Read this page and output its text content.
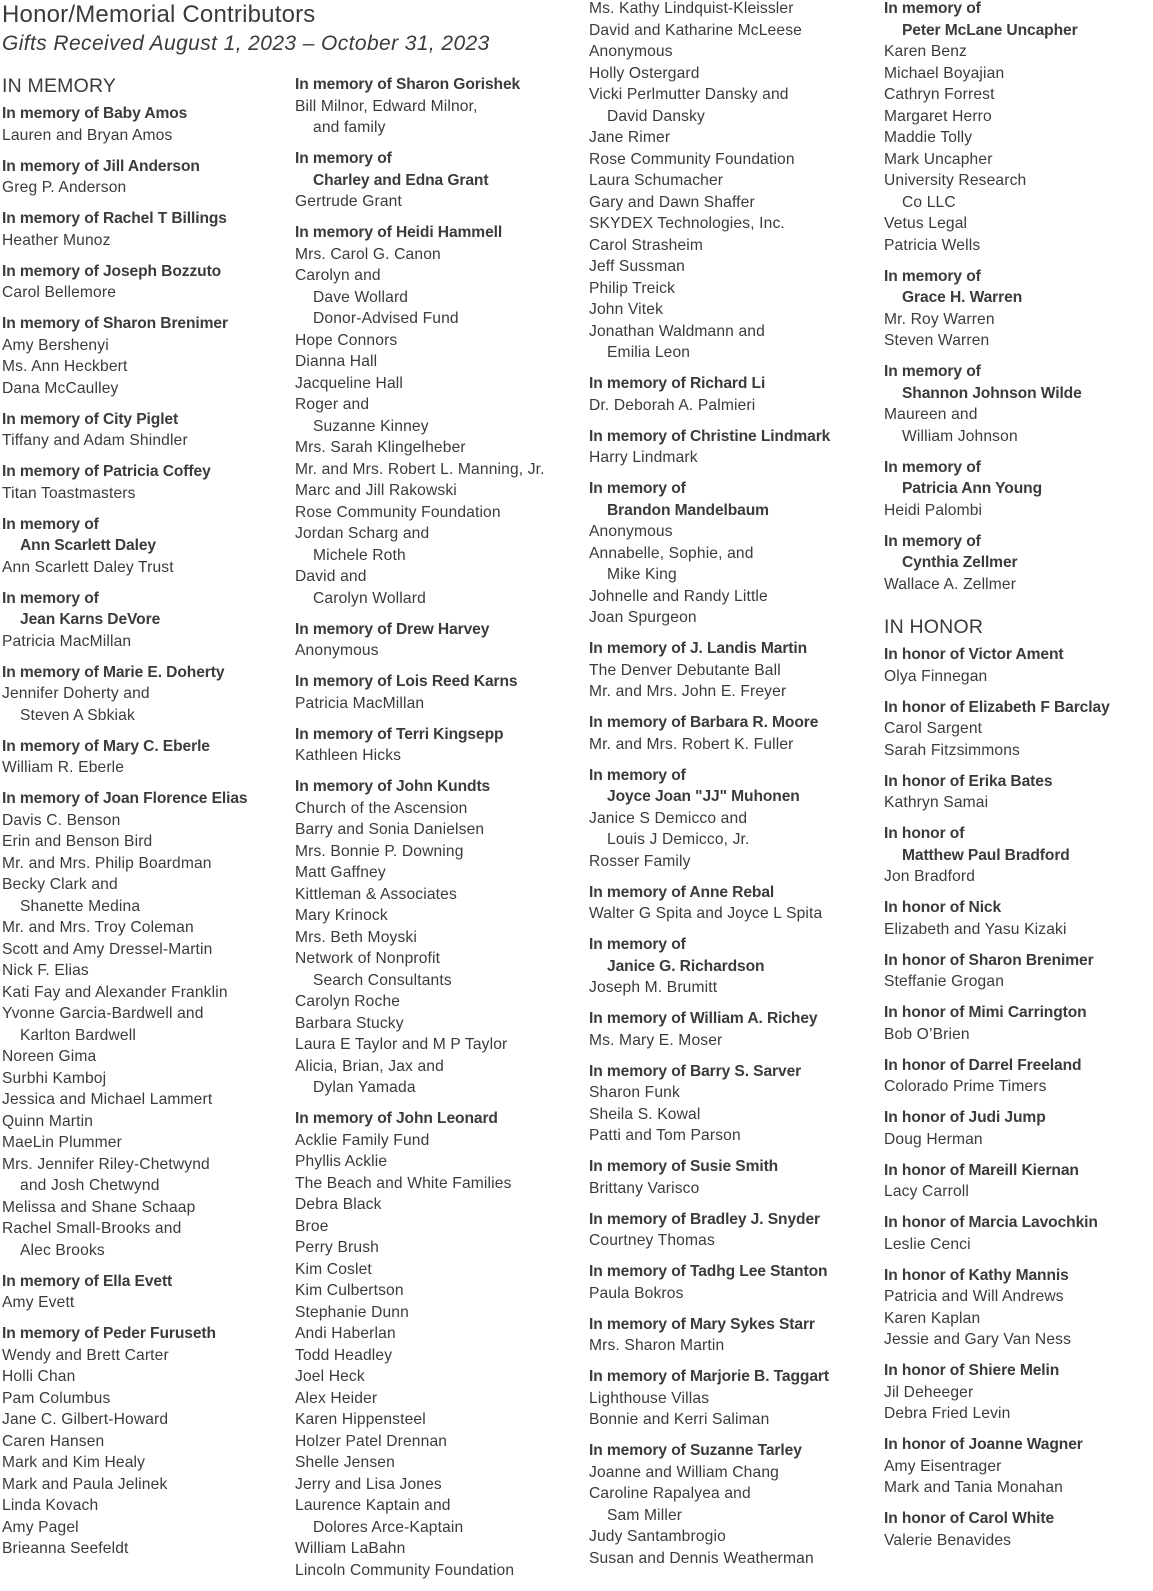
Honor/Memorial Contributors
Gifts Received August 1, 2023 – October 31, 2023
IN MEMORY
In memory of Baby Amos
Lauren and Bryan Amos
In memory of Jill Anderson
Greg P. Anderson
In memory of Rachel T Billings
Heather Munoz
In memory of Joseph Bozzuto
Carol Bellemore
In memory of Sharon Brenimer
Amy Bershenyi
Ms. Ann Heckbert
Dana McCaulley
In memory of City Piglet
Tiffany and Adam Shindler
In memory of Patricia Coffey
Titan Toastmasters
In memory of
Ann Scarlett Daley
Ann Scarlett Daley Trust
In memory of
Jean Karns DeVore
Patricia MacMillan
In memory of Marie E. Doherty
Jennifer Doherty and
Steven A Sbkiak
In memory of Mary C. Eberle
William R. Eberle
In memory of Joan Florence Elias
Davis C. Benson
Erin and Benson Bird
Mr. and Mrs. Philip Boardman
Becky Clark and
Shanette Medina
Mr. and Mrs. Troy Coleman
Scott and Amy Dressel-Martin
Nick F. Elias
Kati Fay and Alexander Franklin
Yvonne Garcia-Bardwell and
Karlton Bardwell
Noreen Gima
Surbhi Kamboj
Jessica and Michael Lammert
Quinn Martin
MaeLin Plummer
Mrs. Jennifer Riley-Chetwynd
and Josh Chetwynd
Melissa and Shane Schaap
Rachel Small-Brooks and
Alec Brooks
In memory of Ella Evett
Amy Evett
In memory of Peder Furuseth
Wendy and Brett Carter
Holli Chan
Pam Columbus
Jane C. Gilbert-Howard
Caren Hansen
Mark and Kim Healy
Mark and Paula Jelinek
Linda Kovach
Amy Pagel
Brieanna Seefeldt
In memory of Sharon Gorishek
Bill Milnor, Edward Milnor,
and family
In memory of
Charley and Edna Grant
Gertrude Grant
In memory of Heidi Hammell
Mrs. Carol G. Canon
Carolyn and
Dave Wollard
Donor-Advised Fund
Hope Connors
Dianna Hall
Jacqueline Hall
Roger and
Suzanne Kinney
Mrs. Sarah Klingelheber
Mr. and Mrs. Robert L. Manning, Jr.
Marc and Jill Rakowski
Rose Community Foundation
Jordan Scharg and
Michele Roth
David and
Carolyn Wollard
In memory of Drew Harvey
Anonymous
In memory of Lois Reed Karns
Patricia MacMillan
In memory of Terri Kingsepp
Kathleen Hicks
In memory of John Kundts
Church of the Ascension
Barry and Sonia Danielsen
Mrs. Bonnie P. Downing
Matt Gaffney
Kittleman & Associates
Mary Krinock
Mrs. Beth Moyski
Network of Nonprofit
Search Consultants
Carolyn Roche
Barbara Stucky
Laura E Taylor and M P Taylor
Alicia, Brian, Jax and
Dylan Yamada
In memory of John Leonard
Acklie Family Fund
Phyllis Acklie
The Beach and White Families
Debra Black
Broe
Perry Brush
Kim Coslet
Kim Culbertson
Stephanie Dunn
Andi Haberlan
Todd Headley
Joel Heck
Alex Heider
Karen Hippensteel
Holzer Patel Drennan
Shelle Jensen
Jerry and Lisa Jones
Laurence Kaptain and
Dolores Arce-Kaptain
William LaBahn
Lincoln Community Foundation
Ms. Kathy Lindquist-Kleissler
David and Katharine McLeese
Anonymous
Holly Ostergard
Vicki Perlmutter Dansky and
David Dansky
Jane Rimer
Rose Community Foundation
Laura Schumacher
Gary and Dawn Shaffer
SKYDEX Technologies, Inc.
Carol Strasheim
Jeff Sussman
Philip Treick
John Vitek
Jonathan Waldmann and
Emilia Leon
In memory of Richard Li
Dr. Deborah A. Palmieri
In memory of Christine Lindmark
Harry Lindmark
In memory of
Brandon Mandelbaum
Anonymous
Annabelle, Sophie, and
Mike King
Johnelle and Randy Little
Joan Spurgeon
In memory of J. Landis Martin
The Denver Debutante Ball
Mr. and Mrs. John E. Freyer
In memory of Barbara R. Moore
Mr. and Mrs. Robert K. Fuller
In memory of
Joyce Joan "JJ" Muhonen
Janice S Demicco and
Louis J Demicco, Jr.
Rosser Family
In memory of Anne Rebal
Walter G Spita and Joyce L Spita
In memory of
Janice G. Richardson
Joseph M. Brumitt
In memory of William A. Richey
Ms. Mary E. Moser
In memory of Barry S. Sarver
Sharon Funk
Sheila S. Kowal
Patti and Tom Parson
In memory of Susie Smith
Brittany Varisco
In memory of Bradley J. Snyder
Courtney Thomas
In memory of Tadhg Lee Stanton
Paula Bokros
In memory of Mary Sykes Starr
Mrs. Sharon Martin
In memory of Marjorie B. Taggart
Lighthouse Villas
Bonnie and Kerri Saliman
In memory of Suzanne Tarley
Joanne and William Chang
Caroline Rapalyea and
Sam Miller
Judy Santambrogio
Susan and Dennis Weatherman
In memory of
Peter McLane Uncapher
Karen Benz
Michael Boyajian
Cathryn Forrest
Margaret Herro
Maddie Tolly
Mark Uncapher
University Research
Co LLC
Vetus Legal
Patricia Wells
In memory of
Grace H. Warren
Mr. Roy Warren
Steven Warren
In memory of
Shannon Johnson Wilde
Maureen and
William Johnson
In memory of
Patricia Ann Young
Heidi Palombi
In memory of
Cynthia Zellmer
Wallace A. Zellmer
IN HONOR
In honor of Victor Ament
Olya Finnegan
In honor of Elizabeth F Barclay
Carol Sargent
Sarah Fitzsimmons
In honor of Erika Bates
Kathryn Samai
In honor of
Matthew Paul Bradford
Jon Bradford
In honor of Nick
Elizabeth and Yasu Kizaki
In honor of Sharon Brenimer
Steffanie Grogan
In honor of Mimi Carrington
Bob O’Brien
In honor of Darrel Freeland
Colorado Prime Timers
In honor of Judi Jump
Doug Herman
In honor of Mareill Kiernan
Lacy Carroll
In honor of Marcia Lavochkin
Leslie Cenci
In honor of Kathy Mannis
Patricia and Will Andrews
Karen Kaplan
Jessie and Gary Van Ness
In honor of Shiere Melin
Jil Deheeger
Debra Fried Levin
In honor of Joanne Wagner
Amy Eisentrager
Mark and Tania Monahan
In honor of Carol White
Valerie Benavides
